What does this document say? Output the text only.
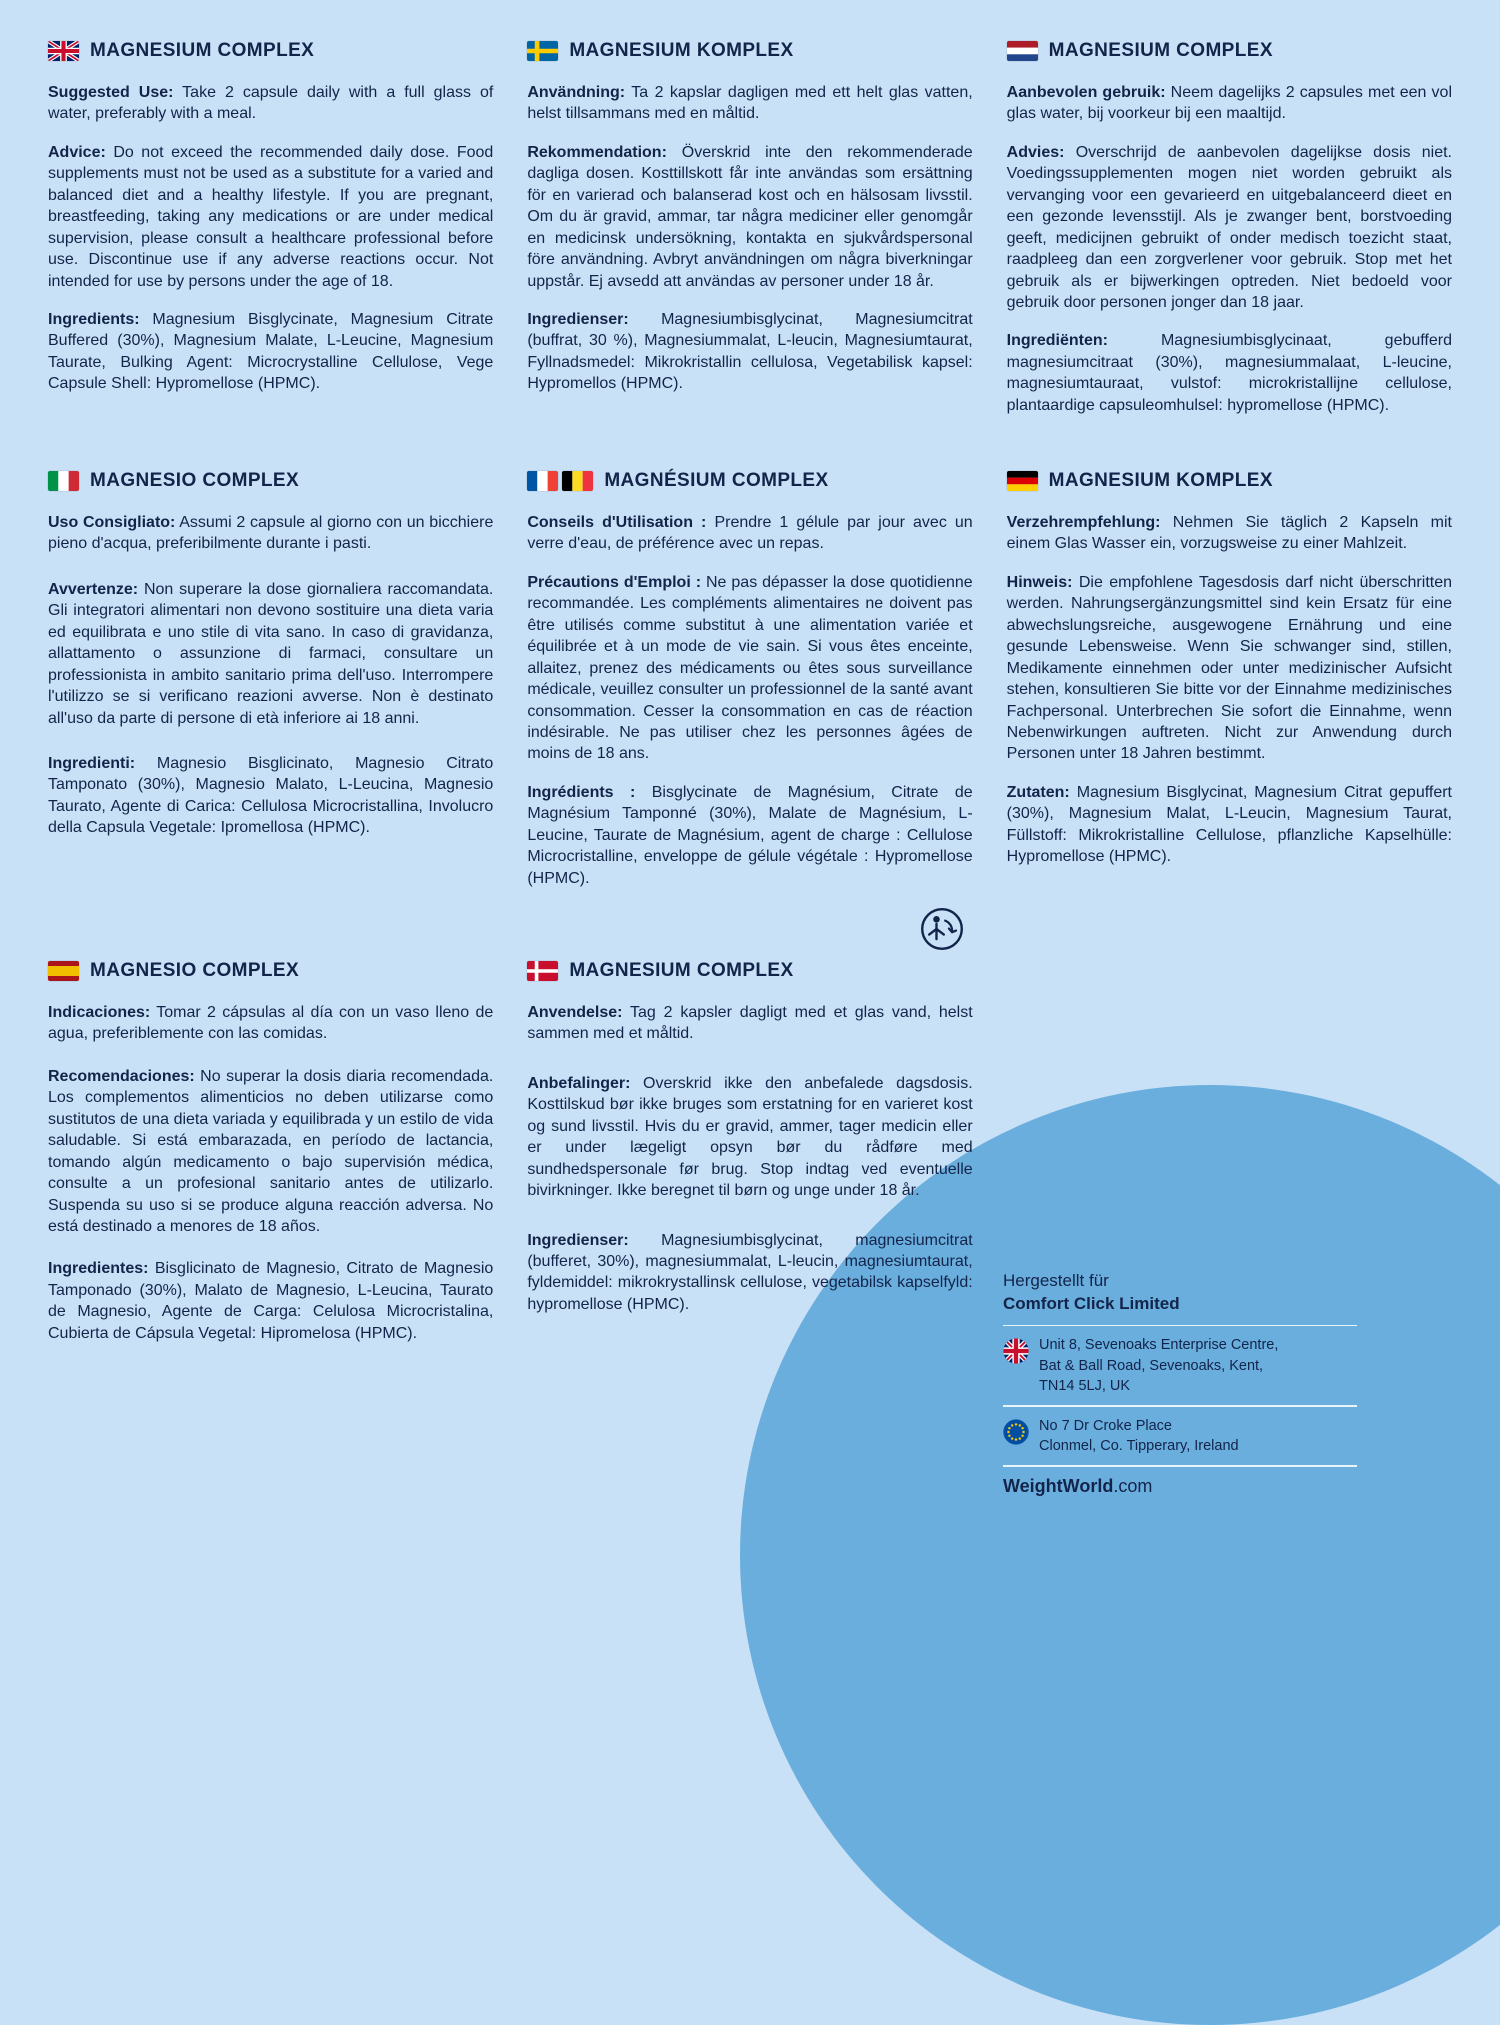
MAGNESIUM COMPLEX

Suggested Use: Take 2 capsule daily with a full glass of water, preferably with a meal.

Advice: Do not exceed the recommended daily dose. Food supplements must not be used as a substitute for a varied and balanced diet and a healthy lifestyle. If you are pregnant, breastfeeding, taking any medications or are under medical supervision, please consult a healthcare professional before use. Discontinue use if any adverse reactions occur. Not intended for use by persons under the age of 18.

Ingredients: Magnesium Bisglycinate, Magnesium Citrate Buffered (30%), Magnesium Malate, L-Leucine, Magnesium Taurate, Bulking Agent: Microcrystalline Cellulose, Vege Capsule Shell: Hypromellose (HPMC).

MAGNESIUM KOMPLEX

Användning: Ta 2 kapslar dagligen med ett helt glas vatten, helst tillsammans med en måltid.

Rekommendation: Överskrid inte den rekommenderade dagliga dosen. Kosttillskott får inte användas som ersättning för en varierad och balanserad kost och en hälsosam livsstil. Om du är gravid, ammar, tar några mediciner eller genomgår en medicinsk undersökning, kontakta en sjukvårdspersonal före användning. Avbryt användningen om några biverkningar uppstår. Ej avsedd att användas av personer under 18 år.

Ingredienser: Magnesiumbisglycinat, Magnesiumcitrat (buffrat, 30 %), Magnesiummalat, L-leucin, Magnesiumtaurat, Fyllnadsmedel: Mikrokristallin cellulosa, Vegetabilisk kapsel: Hypromellos (HPMC).

MAGNESIUM COMPLEX

Aanbevolen gebruik: Neem dagelijks 2 capsules met een vol glas water, bij voorkeur bij een maaltijd.

Advies: Overschrijd de aanbevolen dagelijkse dosis niet. Voedingssupplementen mogen niet worden gebruikt als vervanging voor een gevarieerd en uitgebalanceerd dieet en een gezonde levensstijl. Als je zwanger bent, borstvoeding geeft, medicijnen gebruikt of onder medisch toezicht staat, raadpleeg dan een zorgverlener voor gebruik. Stop met het gebruik als er bijwerkingen optreden. Niet bedoeld voor gebruik door personen jonger dan 18 jaar.

Ingrediënten:	Magnesiumbisglycinaat, gebufferd magnesiumcitraat (30%), magnesiummalaat, L-leucine, magnesiumtauraat, vulstof: microkristallijne cellulose, plantaardige capsuleomhulsel: hypromellose (HPMC).

MAGNESIO COMPLEX

Uso Consigliato: Assumi 2 capsule al giorno con un bicchiere pieno d'acqua, preferibilmente durante i pasti.

Avvertenze: Non superare la dose giornaliera raccomandata. Gli integratori alimentari non devono sostituire una dieta varia ed equilibrata e uno stile di vita sano. In caso di gravidanza, allattamento o assunzione di farmaci, consultare un professionista in ambito sanitario prima dell'uso. Interrompere l'utilizzo se si verificano reazioni avverse. Non è destinato all'uso da parte di persone di età inferiore ai 18 anni.

Ingredienti: Magnesio Bisglicinato, Magnesio Citrato Tamponato (30%), Magnesio Malato, L-Leucina, Magnesio Taurato, Agente di Carica: Cellulosa Microcristallina, Involucro della Capsula Vegetale: Ipromellosa (HPMC).

MAGNÉSIUM COMPLEX

Conseils d'Utilisation : Prendre 1 gélule par jour avec un verre d'eau, de préférence avec un repas.

Précautions d'Emploi : Ne pas dépasser la dose quotidienne recommandée. Les compléments alimentaires ne doivent pas être utilisés comme substitut à une alimentation variée et équilibrée et à un mode de vie sain. Si vous êtes enceinte, allaitez, prenez des médicaments ou êtes sous surveillance médicale, veuillez consulter un professionnel de la santé avant consommation. Cesser la consommation en cas de réaction indésirable. Ne pas utiliser chez les personnes âgées de moins de 18 ans.

Ingrédients : Bisglycinate de Magnésium, Citrate de Magnésium Tamponné (30%), Malate de Magnésium, L-Leucine, Taurate de Magnésium, agent de charge : Cellulose Microcristalline, enveloppe de gélule végétale : Hypromellose (HPMC).

MAGNESIUM KOMPLEX

Verzehrempfehlung: Nehmen Sie täglich 2 Kapseln mit einem Glas Wasser ein, vorzugsweise zu einer Mahlzeit.

Hinweis: Die empfohlene Tagesdosis darf nicht überschritten werden. Nahrungsergänzungsmittel sind kein Ersatz für eine abwechslungsreiche, ausgewogene Ernährung und eine gesunde Lebensweise. Wenn Sie schwanger sind, stillen, Medikamente einnehmen oder unter medizinischer Aufsicht stehen, konsultieren Sie bitte vor der Einnahme medizinisches Fachpersonal. Unterbrechen Sie sofort die Einnahme, wenn Nebenwirkungen auftreten. Nicht zur Anwendung durch Personen unter 18 Jahren bestimmt.

Zutaten: Magnesium Bisglycinat, Magnesium Citrat gepuffert (30%), Magnesium Malat, L-Leucin, Magnesium Taurat, Füllstoff: Mikrokristalline Cellulose, pflanzliche Kapselhülle: Hypromellose (HPMC).

MAGNESIO COMPLEX

Indicaciones: Tomar 2 cápsulas al día con un vaso lleno de agua, preferiblemente con las comidas.

Recomendaciones: No superar la dosis diaria recomendada. Los complementos alimenticios no deben utilizarse como sustitutos de una dieta variada y equilibrada y un estilo de vida saludable. Si está embarazada, en período de lactancia, tomando algún medicamento o bajo supervisión médica, consulte a un profesional sanitario antes de utilizarlo. Suspenda su uso si se produce alguna reacción adversa. No está destinado a menores de 18 años.

Ingredientes: Bisglicinato de Magnesio, Citrato de Magnesio Tamponado (30%), Malato de Magnesio, L-Leucina, Taurato de Magnesio, Agente de Carga: Celulosa Microcristalina, Cubierta de Cápsula Vegetal: Hipromelosa (HPMC).

MAGNESIUM COMPLEX

Anvendelse: Tag 2 kapsler dagligt med et glas vand, helst sammen med et måltid.

Anbefalinger: Overskrid ikke den anbefalede dagsdosis. Kosttilskud bør ikke bruges som erstatning for en varieret kost og sund livsstil. Hvis du er gravid, ammer, tager medicin eller er under lægeligt opsyn bør du rådføre med sundhedspersonale før brug. Stop indtag ved eventuelle bivirkninger. Ikke beregnet til børn og unge under 18 år.

Ingredienser: Magnesiumbisglycinat, magnesiumcitrat (bufferet, 30%), magnesiummalat, L-leucin, magnesiumtaurat, fyldemiddel: mikrokrystallinsk cellulose, vegetabilsk kapselfyld: hypromellose (HPMC).

Hergestellt für
Comfort Click Limited
Unit 8, Sevenoaks Enterprise Centre,
Bat & Ball Road, Sevenoaks, Kent,
TN14 5LJ, UK
No 7 Dr Croke Place
Clonmel, Co. Tipperary, Ireland
WeightWorld.com
